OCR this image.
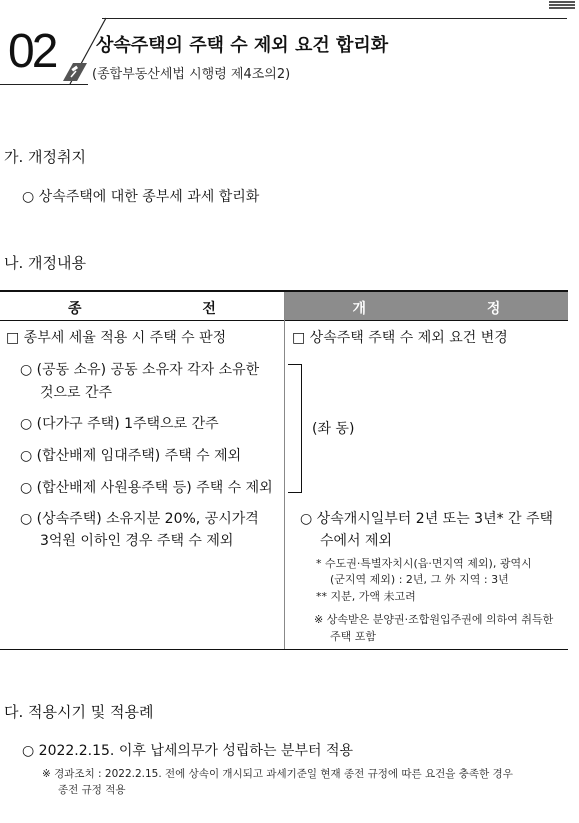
02 상속주택의 주택 수 제외 요건 합리화
(종합부동산세법 시행령 제4조의2)
가. 개정취지
○ 상속주택에 대한 종부세 과세 합리화
나. 개정내용
종 전	개 정
□ 종부세 세율 적용 시 주택 수 판정
○ (공동 소유) 공동 소유자 각자 소유한
것으로 간주
○ (다가구 주택) 1주택으로 간주
○ (합산배제 임대주택) 주택 수 제외
○ (합산배제 사원용주택 등) 주택 수 제외
○ (상속주택) 소유지분 20%, 공시가격
3억원 이하인 경우 주택 수 제외
□ 상속주택 주택 수 제외 요건 변경
(좌 동)
○ 상속개시일부터 2년 또는 3년* 간 주택
수에서 제외
* 수도권·특별자치시(읍·면지역 제외), 광역시
(군지역 제외) : 2년, 그 外 지역 : 3년
** 지분, 가액 未고려
※ 상속받은 분양권·조합원입주권에 의하여 취득한
주택 포함
다. 적용시기 및 적용례
○ 2022.2.15. 이후 납세의무가 성립하는 분부터 적용
※ 경과조치 : 2022.2.15. 전에 상속이 개시되고 과세기준일 현재 종전 규정에 따른 요건을 충족한 경우
종전 규정 적용
